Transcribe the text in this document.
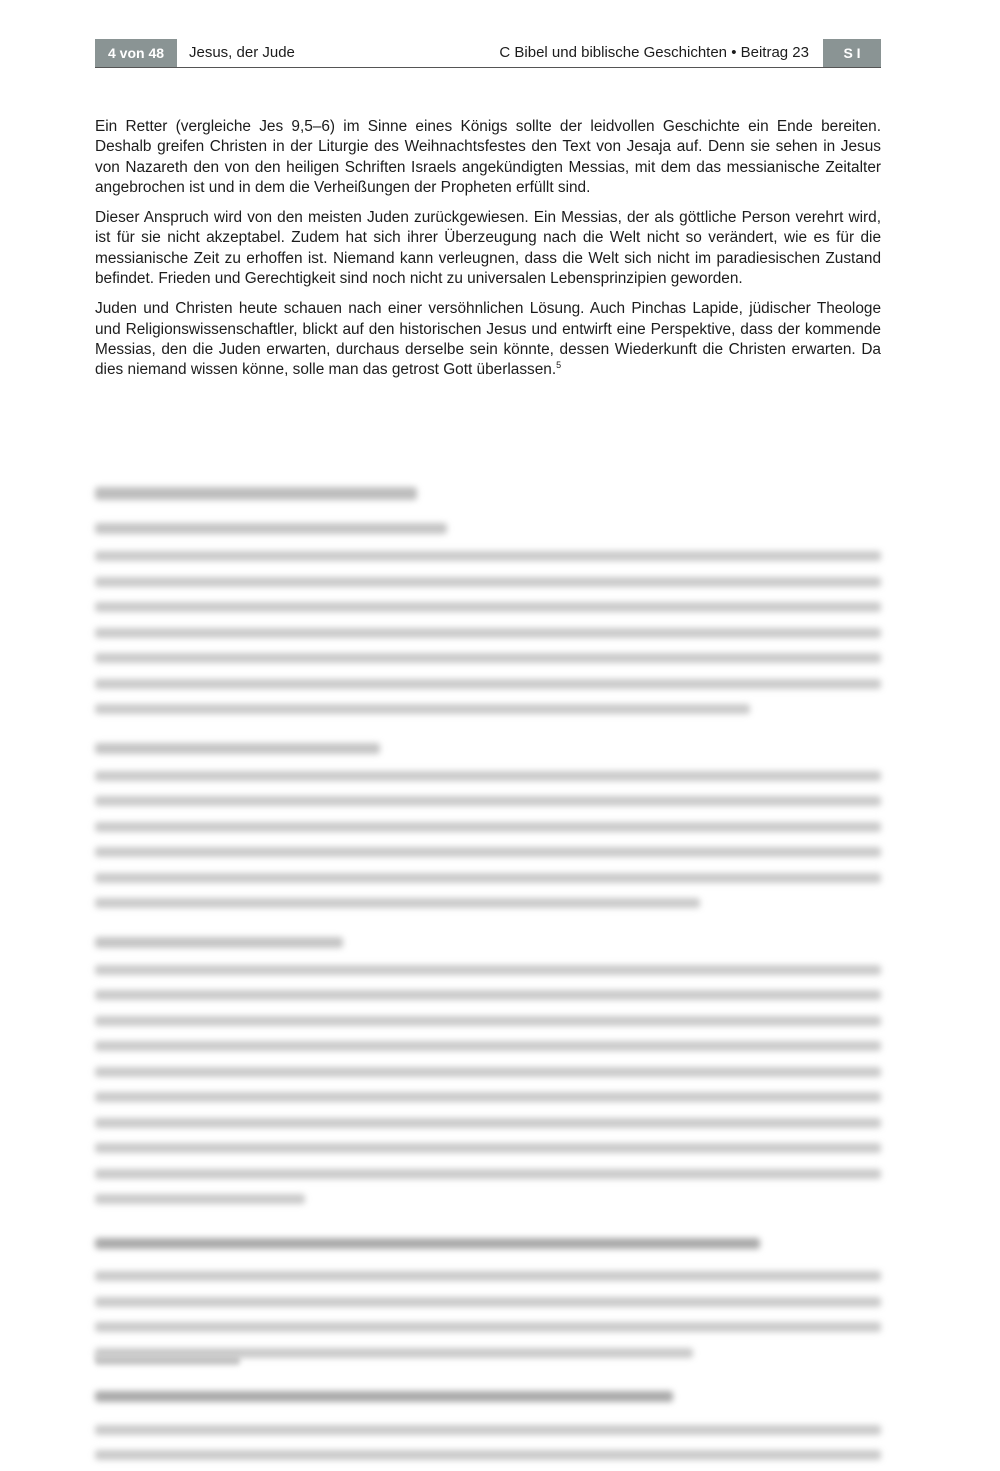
4 von 48	Jesus, der Jude	C Bibel und biblische Geschichten • Beitrag 23	S I

Ein Retter (vergleiche Jes 9,5–6) im Sinne eines Königs sollte der leidvollen Geschichte ein Ende bereiten. Deshalb greifen Christen in der Liturgie des Weihnachtsfestes den Text von Jesaja auf. Denn sie sehen in Jesus von Nazareth den von den heiligen Schriften Israels angekündigten Messias, mit dem das messianische Zeitalter angebrochen ist und in dem die Verheißungen der Propheten erfüllt sind.

Dieser Anspruch wird von den meisten Juden zurückgewiesen. Ein Messias, der als göttliche Person verehrt wird, ist für sie nicht akzeptabel. Zudem hat sich ihrer Überzeugung nach die Welt nicht so verändert, wie es für die messianische Zeit zu erhoffen ist. Niemand kann verleugnen, dass die Welt sich nicht im paradiesischen Zustand befindet. Frieden und Gerechtigkeit sind noch nicht zu universalen Lebensprinzipien geworden.

Juden und Christen heute schauen nach einer versöhnlichen Lösung. Auch Pinchas Lapide, jüdischer Theologe und Religionswissenschaftler, blickt auf den historischen Jesus und entwirft eine Perspektive, dass der kommende Messias, den die Juden erwarten, durchaus derselbe sein könnte, dessen Wiederkunft die Christen erwarten. Da dies niemand wissen könne, solle man das getrost Gott überlassen.$^5$
